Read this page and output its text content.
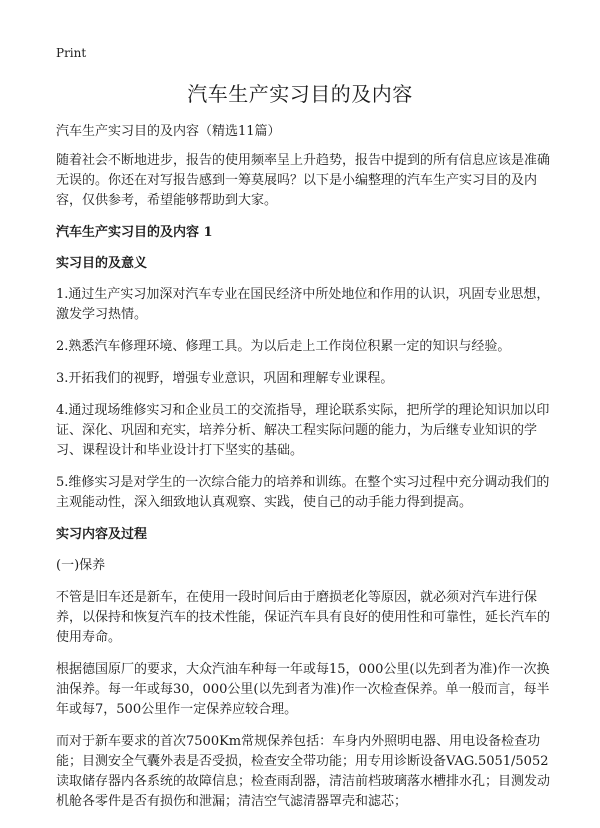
Print
汽车生产实习目的及内容

汽车生产实习目的及内容（精选11篇）

随着社会不断地进步，报告的使用频率呈上升趋势，报告中提到的所有信息应该是准确无误的。你还在对写报告感到一筹莫展吗？以下是小编整理的汽车生产实习目的及内容，仅供参考，希望能够帮助到大家。

汽车生产实习目的及内容 1

实习目的及意义

1.通过生产实习加深对汽车专业在国民经济中所处地位和作用的认识，巩固专业思想，激发学习热情。

2.熟悉汽车修理环境、修理工具。为以后走上工作岗位积累一定的知识与经验。

3.开拓我们的视野，增强专业意识，巩固和理解专业课程。

4.通过现场维修实习和企业员工的交流指导，理论联系实际，把所学的理论知识加以印证、深化、巩固和充实，培养分析、解决工程实际问题的能力，为后继专业知识的学习、课程设计和毕业设计打下坚实的基础。

5.维修实习是对学生的一次综合能力的培养和训练。在整个实习过程中充分调动我们的主观能动性，深入细致地认真观察、实践，使自己的动手能力得到提高。

实习内容及过程

(一)保养

不管是旧车还是新车，在使用一段时间后由于磨损老化等原因，就必须对汽车进行保养，以保持和恢复汽车的技术性能，保证汽车具有良好的使用性和可靠性，延长汽车的使用寿命。

根据德国原厂的要求，大众汽油车种每一年或每15，000公里(以先到者为准)作一次换油保养。每一年或每30，000公里(以先到者为准)作一次检查保养。单一般而言，每半年或每7，500公里作一定保养应较合理。

而对于新车要求的首次7500Km常规保养包括：车身内外照明电器、用电设备检查功能；目测安全气囊外表是否受损，检查安全带功能；用专用诊断设备VAG.5051/5052读取储存器内各系统的故障信息；检查雨刮器，清洁前档玻璃落水槽排水孔；目测发动机舱各零件是否有损伤和泄漏；清洁空气滤清器罩壳和滤芯；
